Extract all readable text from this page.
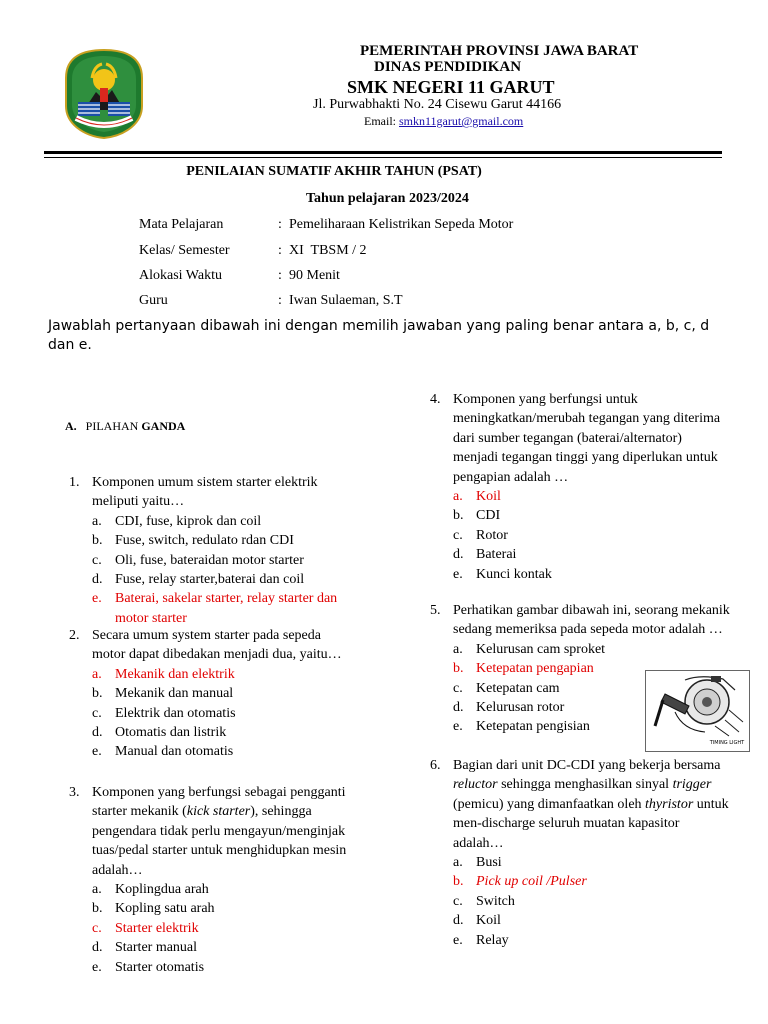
PEMERINTAH PROVINSI JAWA BARAT
DINAS PENDIDIKAN
SMK NEGERI 11 GARUT
Jl. Purwabhakti No. 24 Cisewu Garut 44166
Email: smkn11garut@gmail.com
PENILAIAN SUMATIF AKHIR TAHUN (PSAT)
Tahun pelajaran 2023/2024
Mata Pelajaran	: Pemeliharaan Kelistrikan Sepeda Motor
Kelas/ Semester	: XI  TBSM / 2
Alokasi Waktu	: 90 Menit
Guru	: Iwan Sulaeman, S.T
Jawablah pertanyaan dibawah ini dengan memilih jawaban yang paling benar antara a, b, c, d dan e.
A. PILAHAN GANDA
1. Komponen umum sistem starter elektrik meliputi yaitu…
a. CDI, fuse, kiprok dan coil
b. Fuse, switch, redulato rdan CDI
c. Oli, fuse, bateraidan motor starter
d. Fuse, relay starter,baterai dan coil
e. Baterai, sakelar starter, relay starter dan motor starter
2. Secara umum system starter pada sepeda motor dapat dibedakan menjadi dua, yaitu…
a. Mekanik dan elektrik
b. Mekanik dan manual
c. Elektrik dan otomatis
d. Otomatis dan listrik
e. Manual dan otomatis
3. Komponen yang berfungsi sebagai pengganti starter mekanik (kick starter), sehingga pengendara tidak perlu mengayun/menginjak tuas/pedal starter untuk menghidupkan mesin adalah…
a. Koplingdua arah
b. Kopling satu arah
c. Starter elektrik
d. Starter manual
e. Starter otomatis
4. Komponen yang berfungsi untuk meningkatkan/merubah tegangan yang diterima dari sumber tegangan (baterai/alternator) menjadi tegangan tinggi yang diperlukan untuk pengapian adalah …
a. Koil
b. CDI
c. Rotor
d. Baterai
e. Kunci kontak
5. Perhatikan gambar dibawah ini, seorang mekanik sedang memeriksa pada sepeda motor adalah …
a. Kelurusan cam sproket
b. Ketepatan pengapian
c. Ketepatan cam
d. Kelurusan rotor
e. Ketepatan pengisian
TIMING LIGHT
6. Bagian dari unit DC-CDI yang bekerja bersama reluctor sehingga menghasilkan sinyal trigger (pemicu) yang dimanfaatkan oleh thyristor untuk men-discharge seluruh muatan kapasitor adalah…
a. Busi
b. Pick up coil /Pulser
c. Switch
d. Koil
e. Relay
